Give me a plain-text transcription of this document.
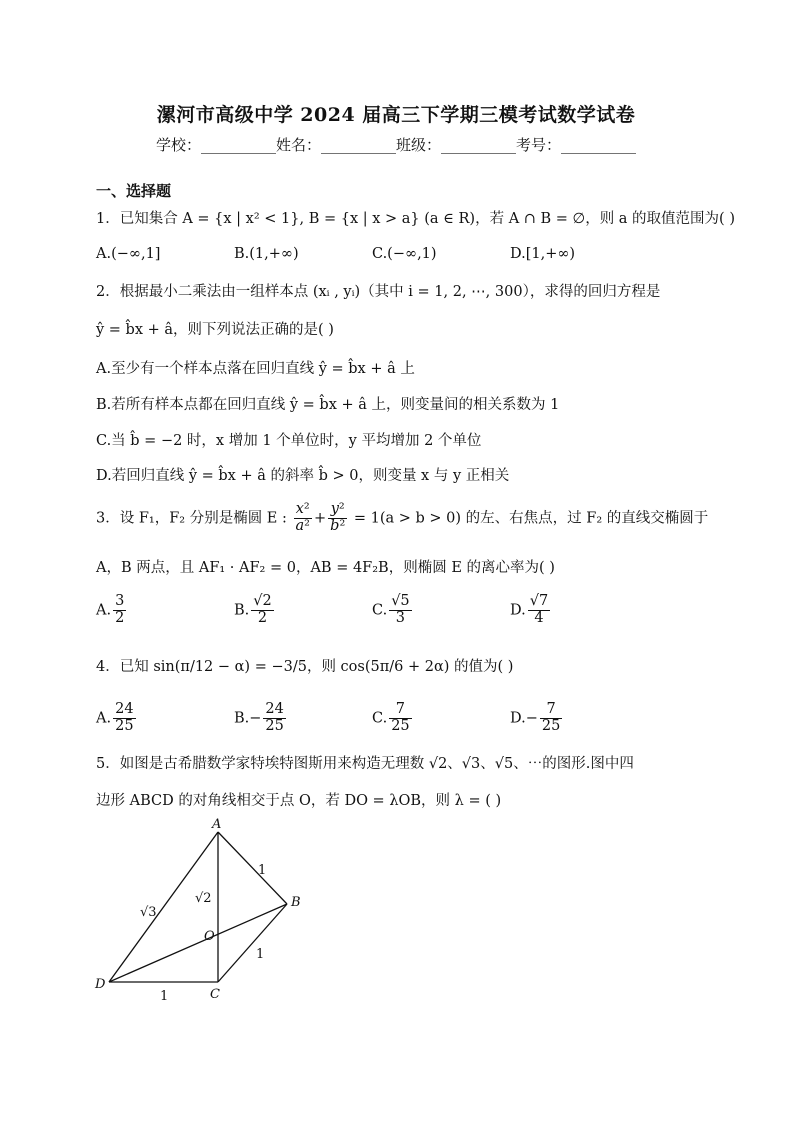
漯河市高级中学 2024 届高三下学期三模考试数学试卷
学校：__________姓名：__________班级：__________考号：__________
一、选择题
1．已知集合 A = {x | x² < 1}, B = {x | x > a} (a ∈ R)，若 A ∩ B = ∅，则 a 的取值范围为( )
A.(−∞,1]	B.(1,+∞)	C.(−∞,1)	D.[1,+∞)
2．根据最小二乘法由一组样本点 (xᵢ , yᵢ)（其中 i = 1, 2, ⋯, 300），求得的回归方程是
ŷ = b̂x + â，则下列说法正确的是( )
A.至少有一个样本点落在回归直线 ŷ = b̂x + â 上
B.若所有样本点都在回归直线 ŷ = b̂x + â 上，则变量间的相关系数为 1
C.当 b̂ = −2 时，x 增加 1 个单位时，y 平均增加 2 个单位
D.若回归直线 ŷ = b̂x + â 的斜率 b̂ > 0，则变量 x 与 y 正相关
3．设 F₁，F₂ 分别是椭圆 E : $\frac{\text{x²}}{\text{a²}} + \frac{\text{y²}}{\text{b²}} = 1(a > b > 0)$ 的左、右焦点，过 F₂ 的直线交椭圆于
A，B 两点，且 AF₁ · AF₂ = 0，AB = 4F₂B，则椭圆 E 的离心率为( )
A. $\frac{3}{2}$	B. $\frac{√2}{2}$	C. $\frac{√5}{3}$	D. $\frac{√7}{4}$
4．已知 sin(π/12 − α) = −3/5，则 cos(5π/6 + 2α) 的值为( )
A. $\frac{24}{25}$	$B.- \frac{24}{25}$	C. $\frac{7}{25}$	$D.- \frac{7}{25}$
5．如图是古希腊数学家特埃特图斯用来构造无理数 √2、√3、√5、⋯的图形.图中四
边形 ABCD 的对角线相交于点 O，若 DO = λOB，则 λ = ( )
A
B
C
D
O
1
√2
√3
1
1
